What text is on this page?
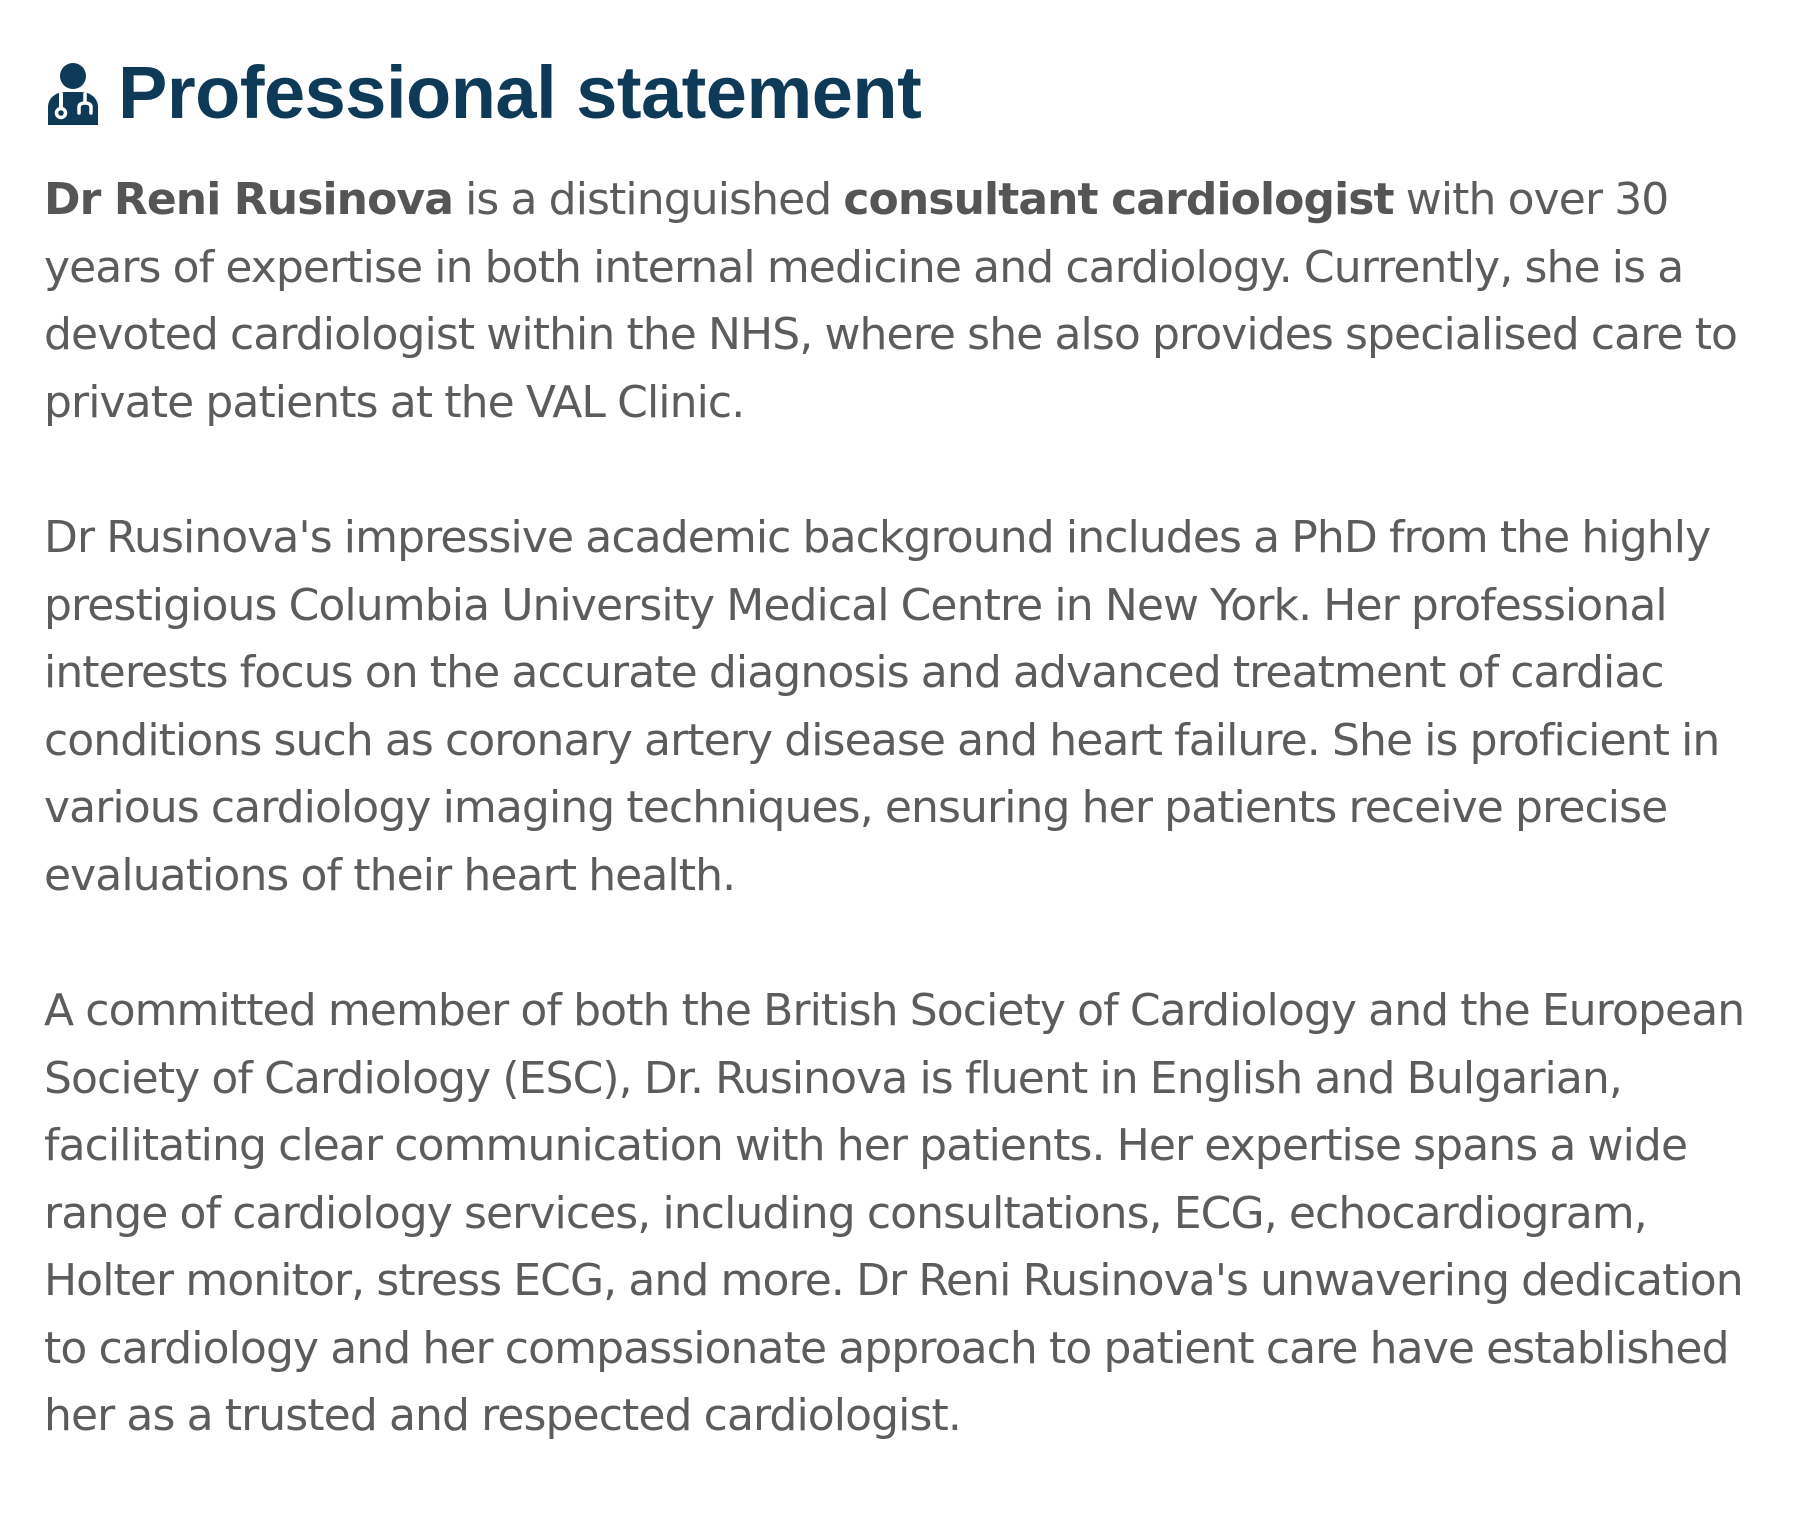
Professional statement

Dr Reni Rusinova is a distinguished consultant cardiologist with over 30 years of expertise in both internal medicine and cardiology. Currently, she is a devoted cardiologist within the NHS, where she also provides specialised care to private patients at the VAL Clinic.

Dr Rusinova's impressive academic background includes a PhD from the highly prestigious Columbia University Medical Centre in New York. Her professional interests focus on the accurate diagnosis and advanced treatment of cardiac conditions such as coronary artery disease and heart failure. She is proficient in various cardiology imaging techniques, ensuring her patients receive precise evaluations of their heart health.

A committed member of both the British Society of Cardiology and the European Society of Cardiology (ESC), Dr. Rusinova is fluent in English and Bulgarian, facilitating clear communication with her patients. Her expertise spans a wide range of cardiology services, including consultations, ECG, echocardiogram, Holter monitor, stress ECG, and more. Dr Reni Rusinova's unwavering dedication to cardiology and her compassionate approach to patient care have established her as a trusted and respected cardiologist.
